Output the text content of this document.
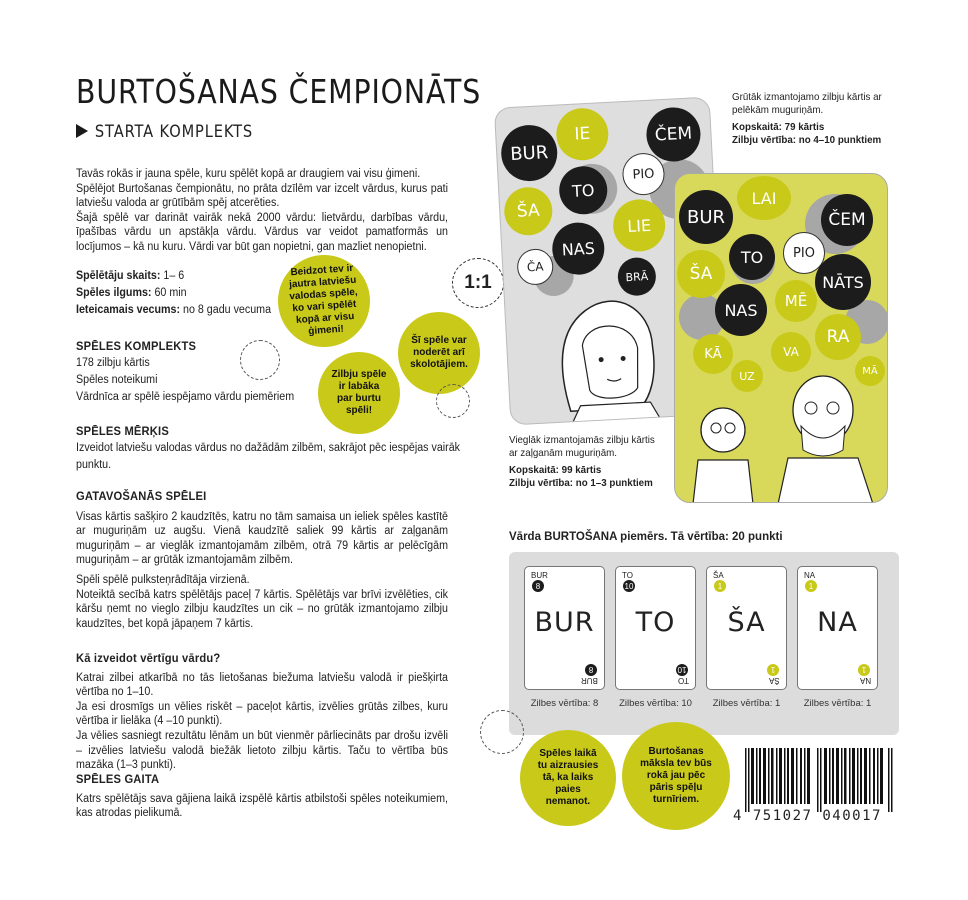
BURTOŠANAS ČEMPIONĀTS
STARTA KOMPLEKTS
Tavās rokās ir jauna spēle, kuru spēlēt kopā ar draugiem vai visu ģimeni.
Spēlējot Burtošanas čempionātu, no prāta dzīlēm var izcelt vārdus, kurus pati latviešu valoda ar grūtībām spēj atcerēties.
Šajā spēlē var darināt vairāk nekā 2000 vārdu: lietvārdu, darbības vārdu, īpašības vārdu un apstākļa vārdu. Vārdus var veidot pamatformās un locījumos – kā nu kuru. Vārdi var būt gan nopietni, gan mazliet nenopietni.
Spēlētāju skaits: 1– 6
Spēles ilgums: 60 min
Ieteicamais vecums: no 8 gadu vecuma
SPĒLES KOMPLEKTS
178 zilbju kārtis
Spēles noteikumi
Vārdnīca ar spēlē iespējamo vārdu piemēriem
SPĒLES MĒRĶIS
Izveidot latviešu valodas vārdus no dažādām zilbēm, sakrājot pēc iespējas vairāk punktu.
GATAVOŠANĀS SPĒLEI
Visas kārtis sašķiro 2 kaudzītēs, katru no tām samaisa un ieliek spēles kastītē ar muguriņām uz augšu. Vienā kaudzītē saliek 99 kārtis ar zaļganām muguriņām – ar vieglāk izmantojamām zilbēm, otrā 79 kārtis ar pelēcīgām muguriņām – ar grūtāk izmantojamām zilbēm.
Spēli spēlē pulksteņrādītāja virzienā.
Noteiktā secībā katrs spēlētājs paceļ 7 kārtis. Spēlētājs var brīvi izvēlēties, cik kāršu ņemt no vieglo zilbju kaudzītes un cik – no grūtāk izmantojamo zilbju kaudzītes, bet kopā jāpaņem 7 kārtis.
Kā izveidot vērtīgu vārdu?
Katrai zilbei atkarībā no tās lietošanas biežuma latviešu valodā ir piešķirta vērtība no 1–10.
Ja esi drosmīgs un vēlies riskēt – paceļot kārtis, izvēlies grūtās zilbes, kuru vērtība ir lielāka (4 –10 punkti).
Ja vēlies sasniegt rezultātu lēnām un būt vienmēr pārliecināts par drošu izvēli – izvēlies latviešu valodā biežāk lietoto zilbju kārtis. Taču to vērtība būs mazāka (1–3 punkti).
SPĒLES GAITA
Katrs spēlētājs sava gājiena laikā izspēlē kārtis atbilstoši spēles noteikumiem, kas atrodas pielikumā.
Beidzot tev ir jautra latviešu valodas spēle, ko vari spēlēt kopā ar visu ģimeni!
Šī spēle var noderēt arī skolotājiem.
Zilbju spēle ir labāka par burtu spēli!
1:1
BUR
IE	ČEM
PIO
TO
ŠA
LIE
NAS
ČA
BRĀ
Grūtāk izmantojamo zilbju kārtis ar pelēkām muguriņām.
Kopskaitā: 79 kārtis
Zilbju vērtība: no 4–10 punktiem
BUR
LAI
ČEM
PIO
TO
ŠA	NĀTS
NAS	MĒ
RA
KĀ	VA
UZ	MĀ
Vieglāk izmantojamās zilbju kārtis ar zaļganām muguriņām.
Kopskaitā: 99 kārtis
Zilbju vērtība: no 1–3 punktiem
Vārda BURTOŠANA piemērs. Tā vērtība: 20 punkti
BUR
8
BUR
8
BUR
TO
10
TO
10
TO
ŠA
1
ŠA
1
ŠA
NA
1
NA
1
NA
Zilbes vērtība: 8	Zilbes vērtība: 10	Zilbes vērtība: 1	Zilbes vērtība: 1
Spēles laikā tu aizrausies tā, ka laiks paies nemanot.
Burtošanas māksla tev būs rokā jau pēc pāris spēļu turnīriem.
4 751027 040017
